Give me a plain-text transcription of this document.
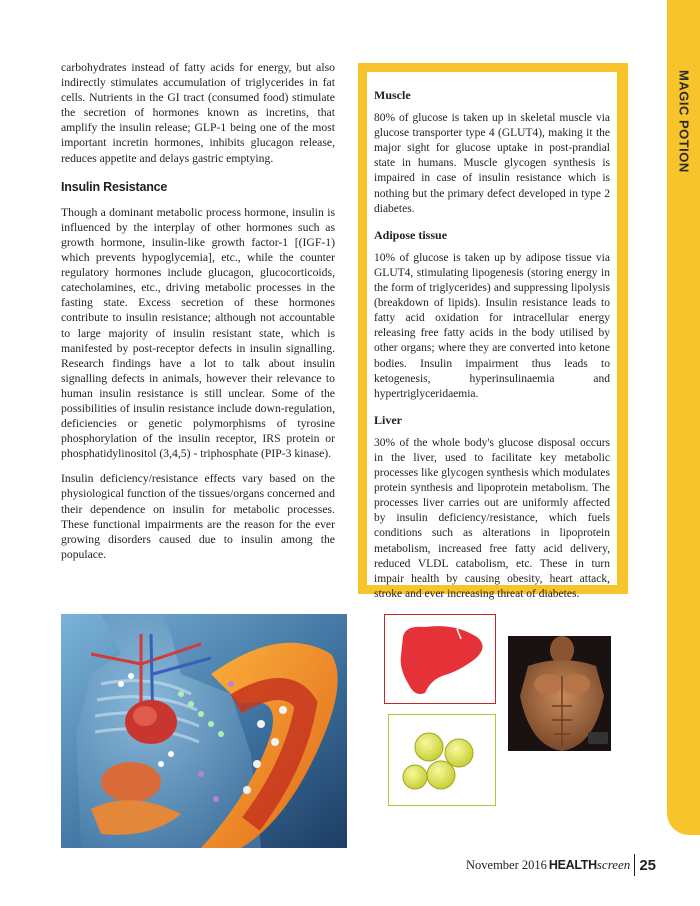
MAGIC POTION

carbohydrates instead of fatty acids for energy, but also indirectly stimulates accumulation of triglycerides in fat cells. Nutrients in the GI tract (consumed food) stimulate the secretion of hormones known as incretins, that amplify the insulin release; GLP-1 being one of the most important incretin hormones, inhibits glucagon release, reduces appetite and delays gastric emptying.

Insulin Resistance

Though a dominant metabolic process hormone, insulin is influenced by the interplay of other hormones such as growth hormone, insulin-like growth factor-1 [(IGF-1) which prevents hypoglycemia], etc., while the counter regulatory hormones include glucagon, glucocorticoids, catecholamines, etc., driving metabolic processes in the fasting state. Excess secretion of these hormones contribute to insulin resistance; although not accountable to large majority of insulin resistant state, which is manifested by post-receptor defects in insulin signalling. Research findings have a lot to talk about insulin signalling defects in animals, however their relevance to human insulin resistance is still unclear. Some of the possibilities of insulin resistance include down-regulation, deficiencies or genetic polymorphisms of tyrosine phosphorylation of the insulin receptor, IRS protein or phosphatidylinositol (3,4,5) - triphosphate (PIP-3 kinase).

Insulin deficiency/resistance effects vary based on the physiological function of the tissues/organs concerned and their dependence on insulin for metabolic processes. These functional impairments are the reason for the ever growing disorders caused due to insulin among the populace.

Muscle

80% of glucose is taken up in skeletal muscle via glucose transporter type 4 (GLUT4), making it the major sight for glucose uptake in post-prandial state in humans. Muscle glycogen synthesis is impaired in case of insulin resistance which is nothing but the primary defect developed in type 2 diabetes.

Adipose tissue

10% of glucose is taken up by adipose tissue via GLUT4, stimulating lipogenesis (storing energy in the form of triglycerides) and suppressing lipolysis (breakdown of lipids). Insulin resistance leads to fatty acid oxidation for intracellular energy releasing free fatty acids in the body utilised by other organs; where they are converted into ketone bodies. Insulin impairment thus leads to ketogenesis, hyperinsulinaemia and hypertriglyceridaemia.

Liver

30% of the whole body's glucose disposal occurs in the liver, used to facilitate key metabolic processes like glycogen synthesis which modulates protein synthesis and lipoprotein metabolism. The processes liver carries out are uniformly affected by insulin deficiency/resistance, which fuels conditions such as alterations in lipoprotein metabolism, increased free fatty acid delivery, reduced VLDL catabolism, etc. These in turn impair health by causing obesity, heart attack, stroke and ever increasing threat of diabetes.

November 2016 HEALTH screen 25
